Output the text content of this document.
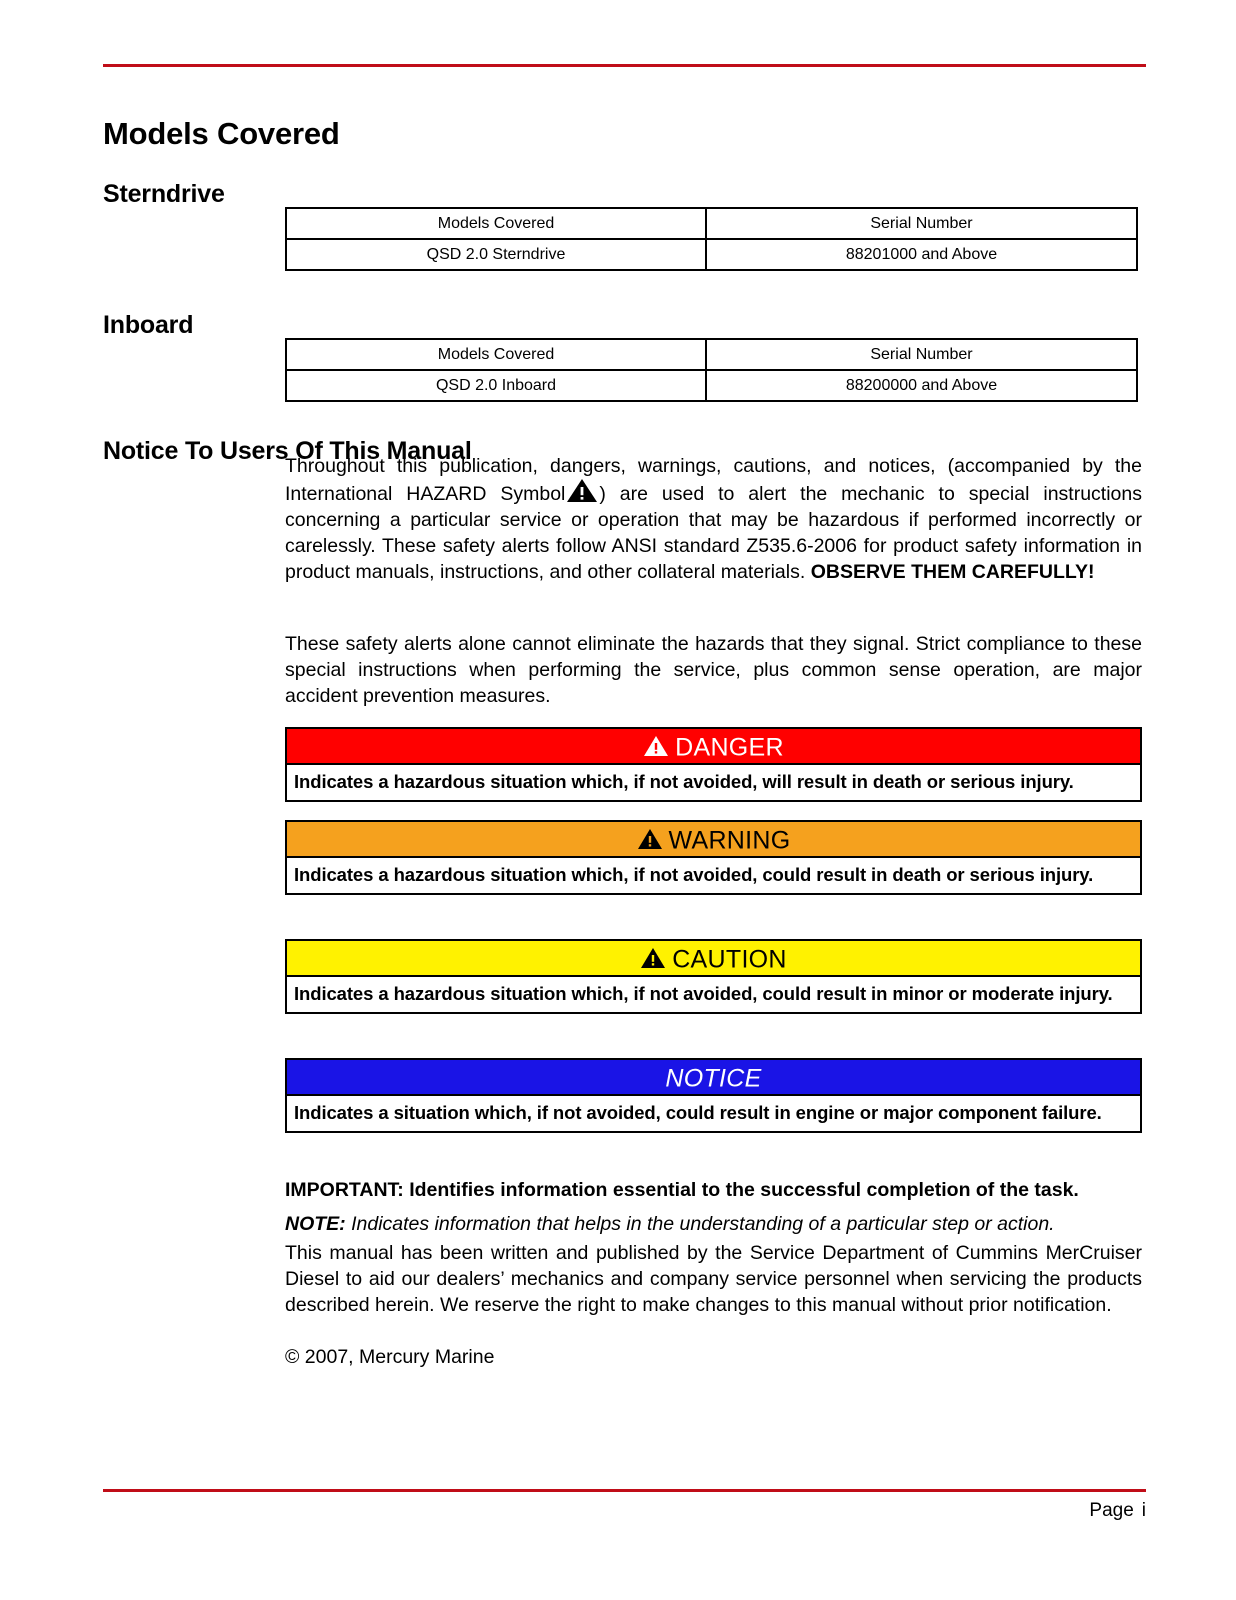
Models Covered
Sterndrive
Models Covered	Serial Number
QSD 2.0 Sterndrive	88201000 and Above
Inboard
Models Covered	Serial Number
QSD 2.0 Inboard	88200000 and Above
Notice To Users Of This Manual

Throughout this publication, dangers, warnings, cautions, and notices, (accompanied by the International HAZARD Symbol ) are used to alert the mechanic to special instructions concerning a particular service or operation that may be hazardous if performed incorrectly or carelessly. These safety alerts follow ANSI standard Z535.6-2006 for product safety information in product manuals, instructions, and other collateral materials. OBSERVE THEM CAREFULLY!

These safety alerts alone cannot eliminate the hazards that they signal. Strict compliance to these special instructions when performing the service, plus common sense operation, are major accident prevention measures.

DANGER
Indicates a hazardous situation which, if not avoided, will result in death or serious injury.
WARNING
Indicates a hazardous situation which, if not avoided, could result in death or serious injury.
CAUTION
Indicates a hazardous situation which, if not avoided, could result in minor or moderate injury.
NOTICE
Indicates a situation which, if not avoided, could result in engine or major component failure.
IMPORTANT: Identifies information essential to the successful completion of the task.
NOTE: Indicates information that helps in the understanding of a particular step or action.

This manual has been written and published by the Service Department of Cummins MerCruiser Diesel to aid our dealers’ mechanics and company service personnel when servicing the products described herein. We reserve the right to make changes to this manual without prior notification.

© 2007, Mercury Marine
Page i
